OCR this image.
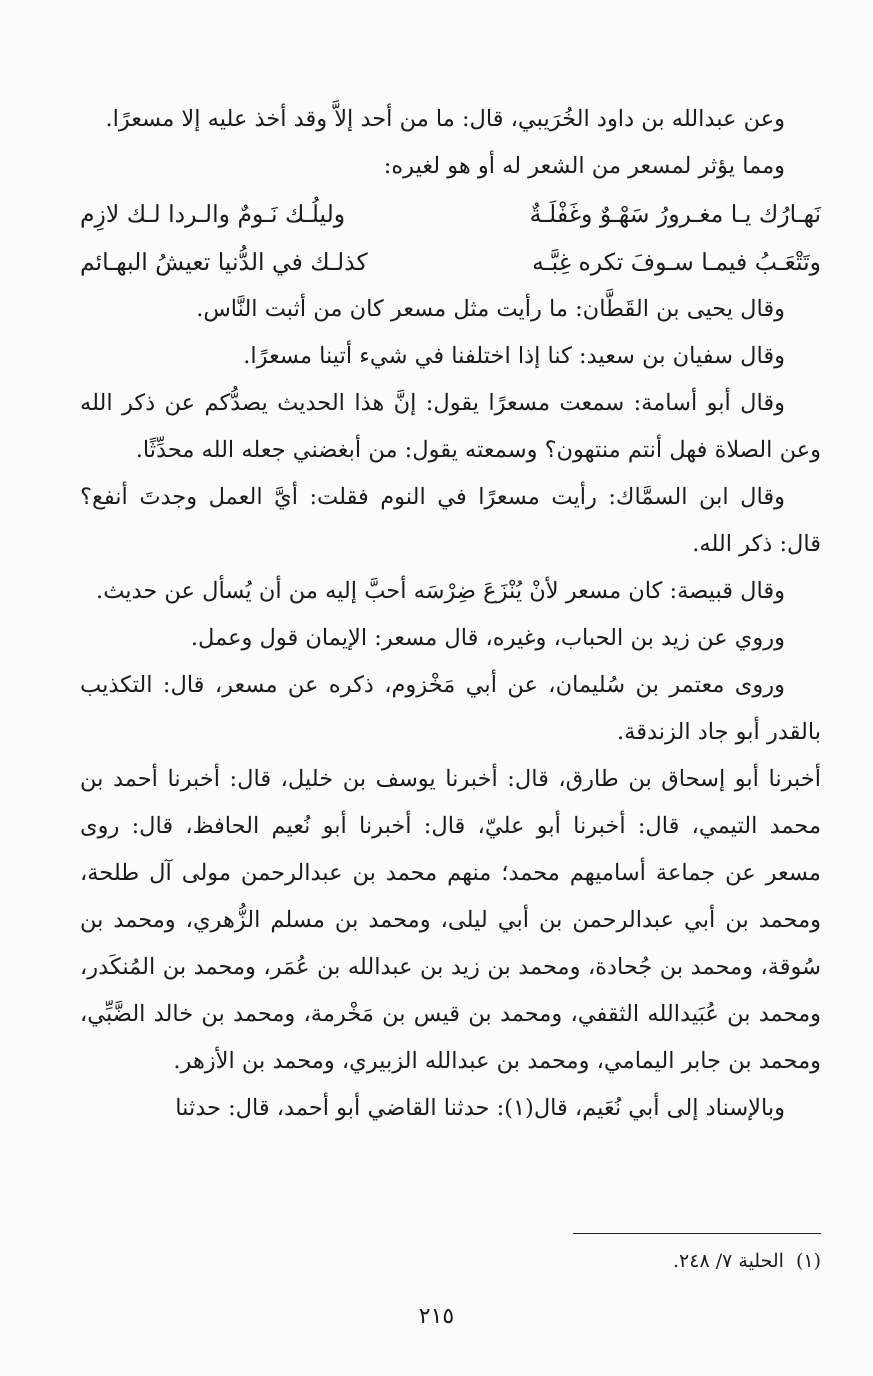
وعن عبدالله بن داود الخُرَيبي، قال: ما من أحد إلاَّ وقد أخذ عليه إلا مسعرًا.

ومما يؤثر لمسعر من الشعر له أو هو لغيره:

نَهـارُك يـا مغـرورُ سَهْـوٌ وغَفْلَـةٌ
وليلُـك نَـومٌ والـردا لـك لازِم
وتَتْعَـبُ فيمـا سـوفَ تكره غِبَّـه
كذلـك في الدُّنيا تعيشُ البهـائم

وقال يحيى بن القَطَّان: ما رأيت مثل مسعر كان من أثبت النَّاس.

وقال سفيان بن سعيد: كنا إذا اختلفنا في شيء أتينا مسعرًا.

وقال أبو أسامة: سمعت مسعرًا يقول: إنَّ هذا الحديث يصدُّكم عن ذكر الله وعن الصلاة فهل أنتم منتهون؟ وسمعته يقول: من أبغضني جعله الله محدِّثًا.

وقال ابن السمَّاك: رأيت مسعرًا في النوم فقلت: أيَّ العمل وجدتَ أنفع؟ قال: ذكر الله.

وقال قبيصة: كان مسعر لأنْ يُنْزَعَ ضِرْسَه أحبَّ إليه من أن يُسأل عن حديث.

وروي عن زيد بن الحباب، وغيره، قال مسعر: الإيمان قول وعمل.

وروى معتمر بن سُليمان، عن أبي مَخْزوم، ذكره عن مسعر، قال: التكذيب بالقدر أبو جاد الزندقة.

أخبرنا أبو إسحاق بن طارق، قال: أخبرنا يوسف بن خليل، قال: أخبرنا أحمد بن محمد التيمي، قال: أخبرنا أبو عليّ، قال: أخبرنا أبو نُعيم الحافظ، قال: روى مسعر عن جماعة أساميهم محمد؛ منهم محمد بن عبدالرحمن مولى آل طلحة، ومحمد بن أبي عبدالرحمن بن أبي ليلى، ومحمد بن مسلم الزُّهري، ومحمد بن سُوقة، ومحمد بن جُحادة، ومحمد بن زيد بن عبدالله بن عُمَر، ومحمد بن المُنكَدر، ومحمد بن عُبَيدالله الثقفي، ومحمد بن قيس بن مَخْرمة، ومحمد بن خالد الضَّبِّي، ومحمد بن جابر اليمامي، ومحمد بن عبدالله الزبيري، ومحمد بن الأزهر.

وبالإسناد إلى أبي نُعَيم، قال(١): حدثنا القاضي أبو أحمد، قال: حدثنا

(١)الحلية ٧/ ٢٤٨.
٢١٥
